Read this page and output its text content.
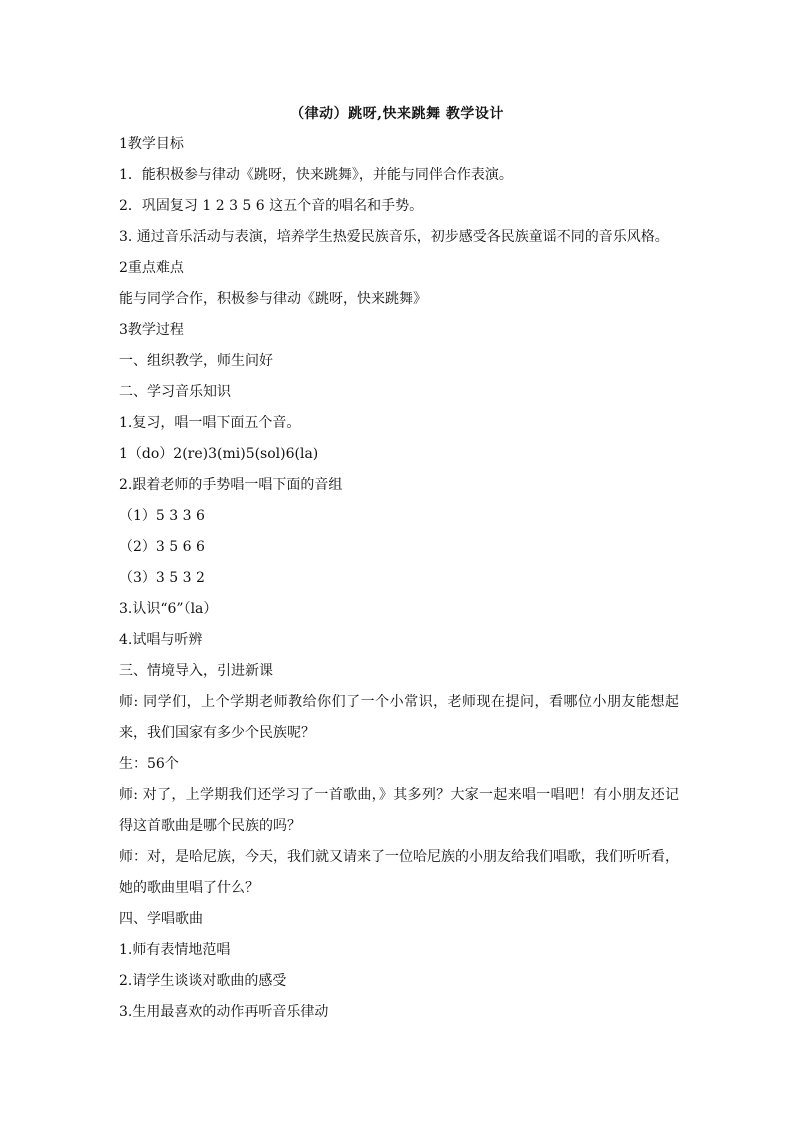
（律动）跳呀,快来跳舞 教学设计
1教学目标
1．能积极参与律动《跳呀，快来跳舞》，并能与同伴合作表演。
2．巩固复习 1 2 3 5 6 这五个音的唱名和手势。
3. 通过音乐活动与表演，培养学生热爱民族音乐，初步感受各民族童谣不同的音乐风格。
2重点难点
能与同学合作，积极参与律动《跳呀，快来跳舞》
3教学过程
一、组织教学，师生问好
二、学习音乐知识
1.复习，唱一唱下面五个音。
1（do）2(re)3(mi)5(sol)6(la)
2.跟着老师的手势唱一唱下面的音组
（1）5 3 3 6
（2）3 5 6 6
（3）3 5 3 2
3.认识“6”（la）
4.试唱与听辨
三、情境导入，引进新课
师: 同学们，上个学期老师教给你们了一个小常识，老师现在提问，看哪位小朋友能想起来，我们国家有多少个民族呢？
生：56个
师: 对了，上学期我们还学习了一首歌曲，》其多列？大家一起来唱一唱吧！有小朋友还记得这首歌曲是哪个民族的吗？
师：对，是哈尼族，今天，我们就又请来了一位哈尼族的小朋友给我们唱歌，我们听听看，她的歌曲里唱了什么？
四、学唱歌曲
1.师有表情地范唱
2.请学生谈谈对歌曲的感受
3.生用最喜欢的动作再听音乐律动
